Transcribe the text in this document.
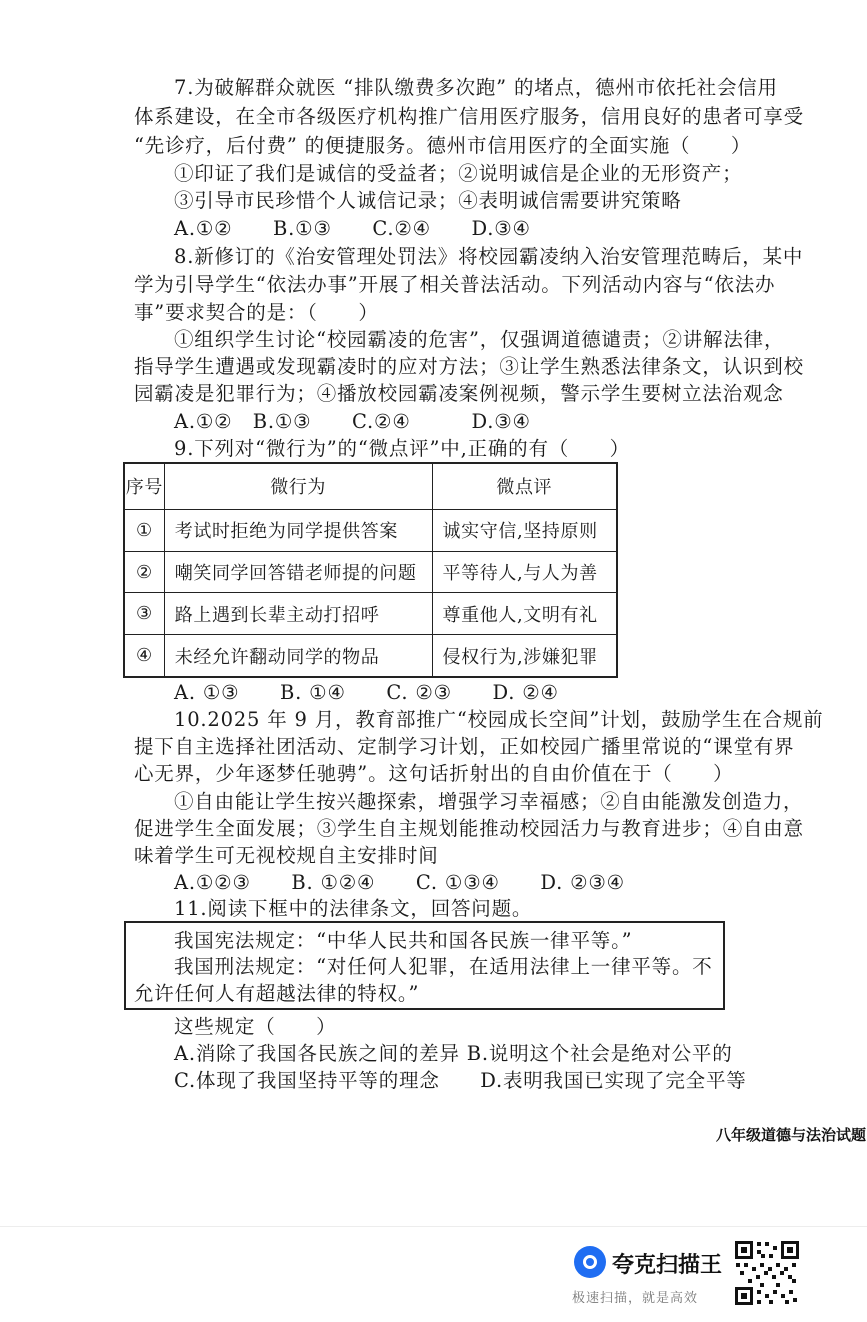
7.为破解群众就医 “排队缴费多次跑” 的堵点，德州市依托社会信用
体系建设，在全市各级医疗机构推广信用医疗服务，信用良好的患者可享受
“先诊疗，后付费” 的便捷服务。德州市信用医疗的全面实施（　　）
①印证了我们是诚信的受益者；②说明诚信是企业的无形资产；
③引导市民珍惜个人诚信记录；④表明诚信需要讲究策略
A.①②　　B.①③　　C.②④　　D.③④
8.新修订的《治安管理处罚法》将校园霸凌纳入治安管理范畴后，某中
学为引导学生“依法办事”开展了相关普法活动。下列活动内容与“依法办
事”要求契合的是：（　　）
①组织学生讨论“校园霸凌的危害”，仅强调道德谴责；②讲解法律，
指导学生遭遇或发现霸凌时的应对方法；③让学生熟悉法律条文，认识到校
园霸凌是犯罪行为；④播放校园霸凌案例视频，警示学生要树立法治观念
A.①②　B.①③　　C.②④　　　D.③④
9.下列对“微行为”的“微点评”中,正确的有（　　）
序号	微行为	微点评
①	考试时拒绝为同学提供答案	诚实守信,坚持原则
②	嘲笑同学回答错老师提的问题	平等待人,与人为善
③	路上遇到长辈主动打招呼	尊重他人,文明有礼
④	未经允许翻动同学的物品	侵权行为,涉嫌犯罪
A. ①③　　B. ①④　　C. ②③　　D. ②④
10.2025 年 9 月，教育部推广“校园成长空间”计划，鼓励学生在合规前
提下自主选择社团活动、定制学习计划，正如校园广播里常说的“课堂有界
心无界，少年逐梦任驰骋”。这句话折射出的自由价值在于（　　）
①自由能让学生按兴趣探索，增强学习幸福感；②自由能激发创造力，
促进学生全面发展；③学生自主规划能推动校园活力与教育进步；④自由意
味着学生可无视校规自主安排时间
A.①②③　　B. ①②④　　C. ①③④　　D. ②③④
11.阅读下框中的法律条文，回答问题。
我国宪法规定：“中华人民共和国各民族一律平等。”
我国刑法规定：“对任何人犯罪，在适用法律上一律平等。不
允许任何人有超越法律的特权。”
这些规定（　　）
A.消除了我国各民族之间的差异 B.说明这个社会是绝对公平的
C.体现了我国坚持平等的理念　　D.表明我国已实现了完全平等
八年级道德与法治试题
夸克扫描王
极速扫描，就是高效
